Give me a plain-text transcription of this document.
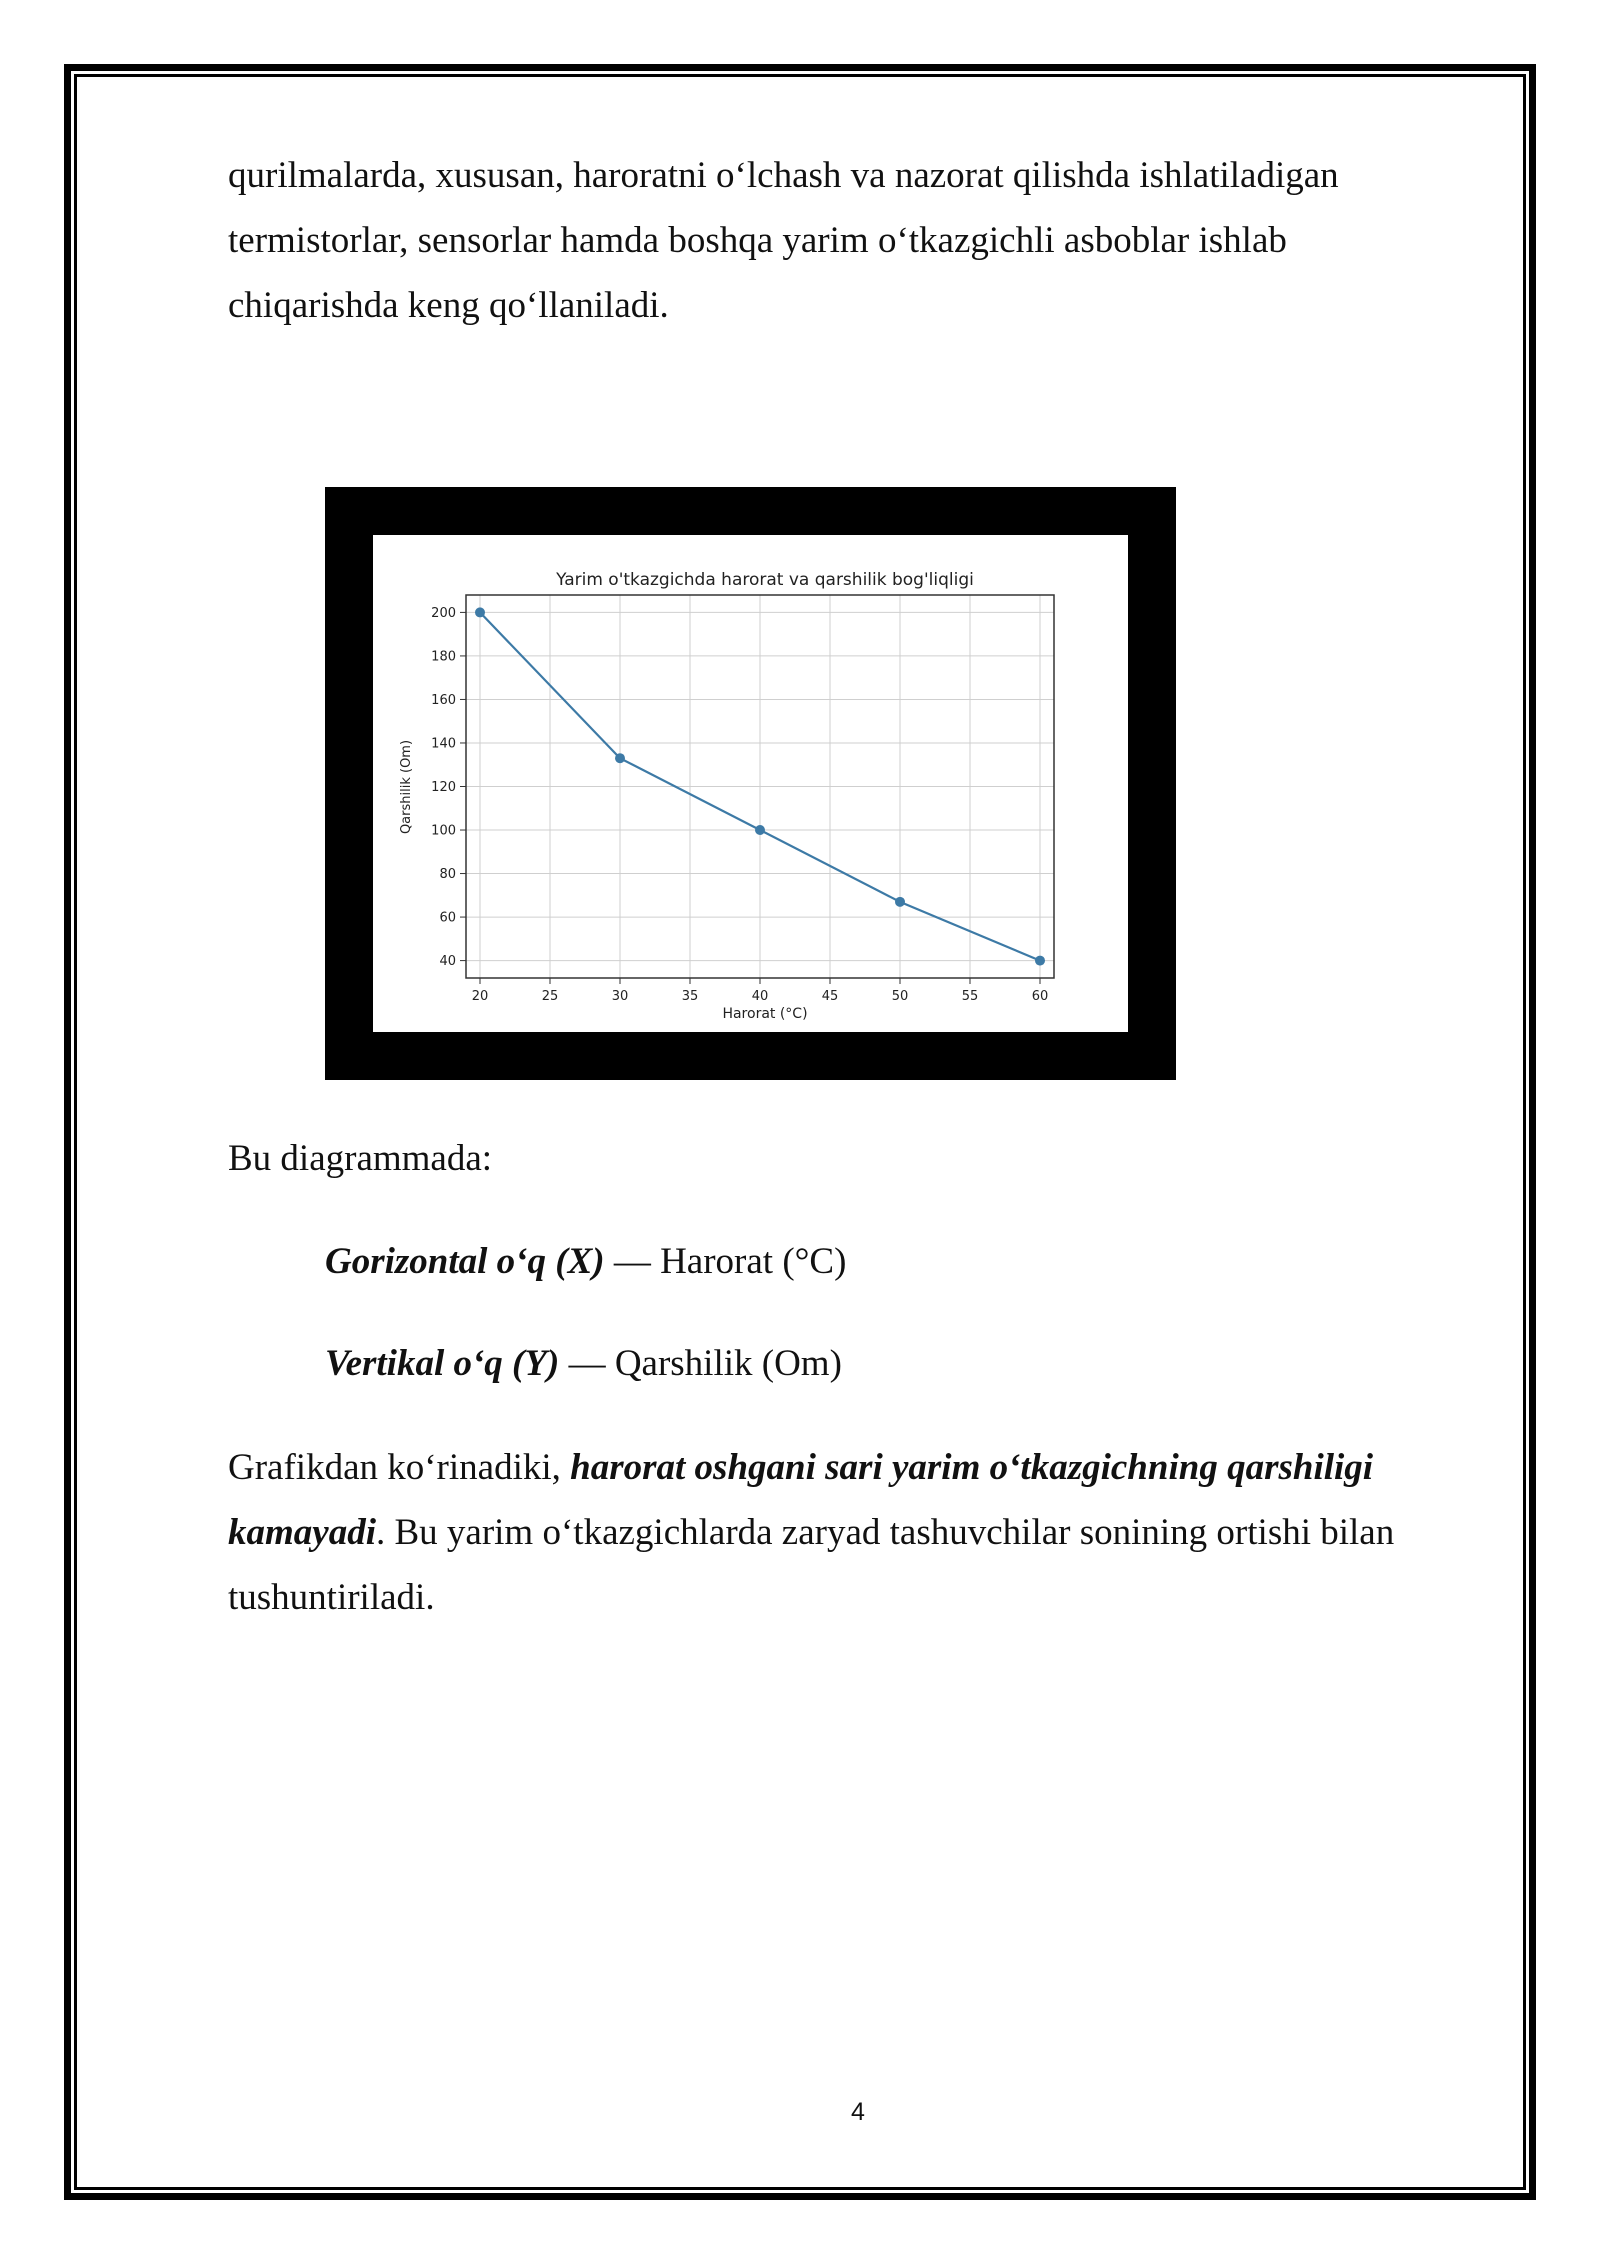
qurilmalarda, xususan, haroratni o‘lchash va nazorat qilishda ishlatiladigan termistorlar, sensorlar hamda boshqa yarim o‘tkazgichli asboblar ishlab chiqarishda keng qo‘llaniladi.

20	25	30	35	40	45	50	55	60
40
60
80
100
120
140
160
180
200
Yarim o'tkazgichda harorat va qarshilik bog'liqligi
Harorat (°C)
Qarshilik (Om)

Bu diagrammada:

Gorizontal o‘q (X) — Harorat (°C)

Vertikal o‘q (Y) — Qarshilik (Om)

Grafikdan ko‘rinadiki, harorat oshgani sari yarim o‘tkazgichning qarshiligi kamayadi. Bu yarim o‘tkazgichlarda zaryad tashuvchilar sonining ortishi bilan tushuntiriladi.

4
